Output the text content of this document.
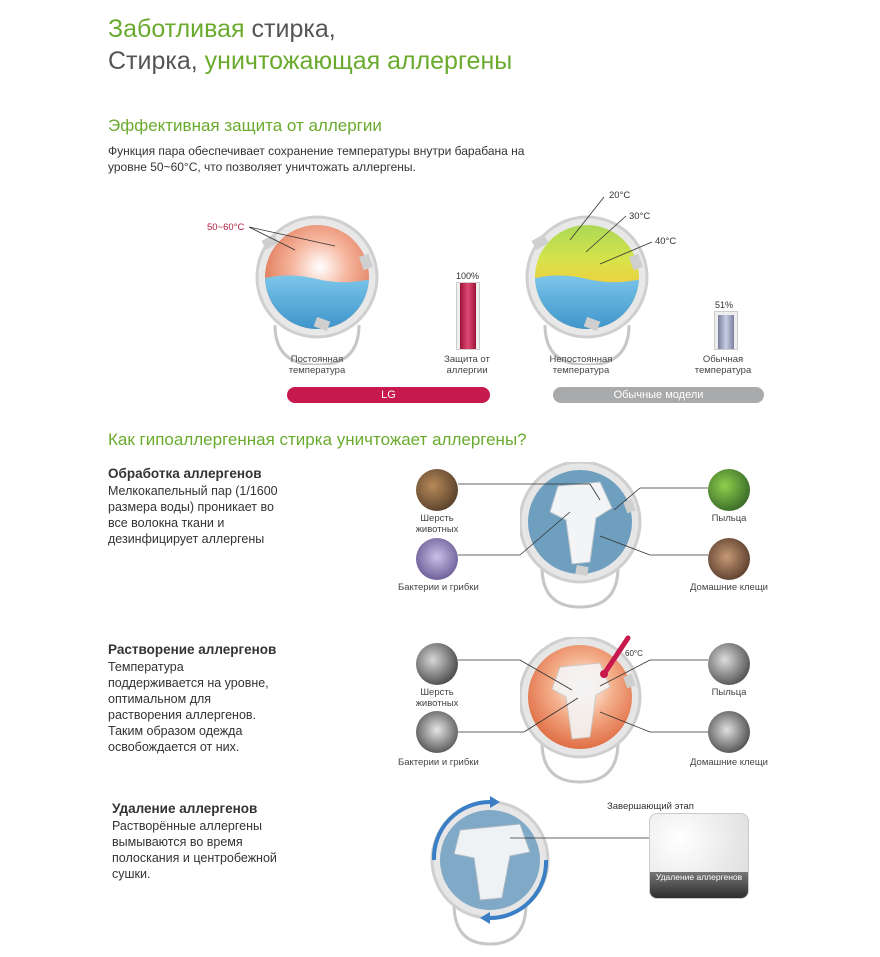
Заботливая стирка,
Стирка, уничтожающая аллергены
Эффективная защита от аллергии
Функция пара обеспечивает сохранение температуры внутри барабана на уровне 50~60°C, что позволяет уничтожать аллергены.
50~60°C
Постоянная
температура
100%
Защита от
аллергии
LG
20°C
30°C
40°C
Непостоянная
температура
51%
Обычная
температура
Обычные модели
Как гипоаллергенная стирка уничтожает аллергены?
Обработка аллергенов
Мелкокапельный пар (1/1600 размера воды) проникает во все волокна ткани и дезинфицирует аллергены
Шерсть
животных
Бактерии и грибки
Пыльца
Домашние клещи
Растворение аллергенов
Температура поддерживается на уровне, оптимальном для растворения аллергенов. Таким образом одежда освобождается от них.
60°C
Шерсть
животных
Бактерии и грибки
Пыльца
Домашние клещи
Удаление аллергенов
Растворённые аллергены вымываются во время полоскания и центробежной сушки.
Завершающий этап
Удаление аллергенов
